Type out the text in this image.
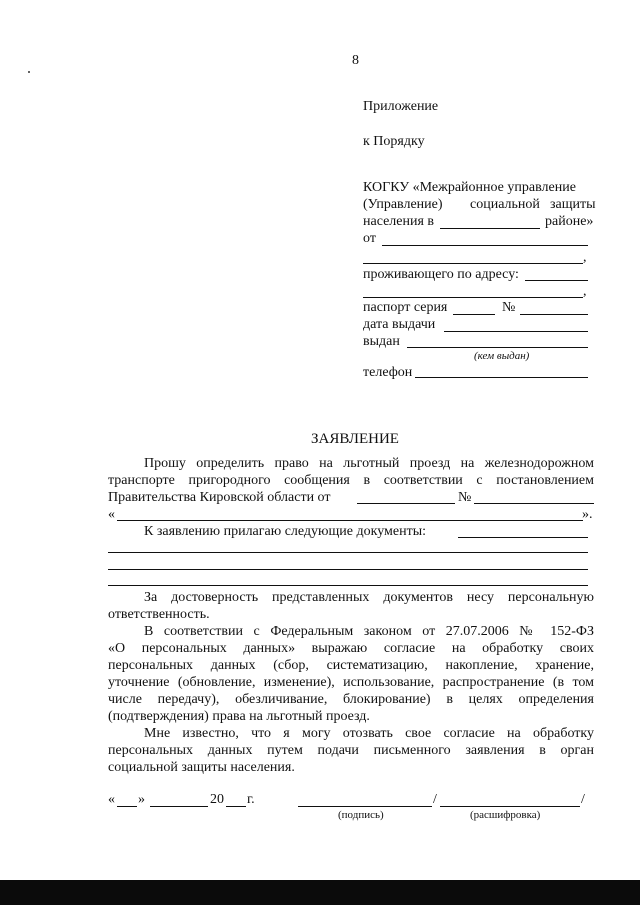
8
Приложение
к Порядку
КОГКУ «Межрайонное управление
(Управление) социальной защиты
населения в	районе»
от
,
проживающего по адресу:
,
паспорт серия	№
дата выдачи
выдан
(кем выдан)
телефон
ЗАЯВЛЕНИЕ
Прошу определить право на льготный проезд на железнодорожном
транспорте пригородного сообщения в соответствии с постановлением
Правительства Кировской области от	№
«	».
К заявлению прилагаю следующие документы:
За достоверность представленных документов несу персональную
ответственность.
В соответствии с Федеральным законом от 27.07.2006 № 152-ФЗ
«О персональных данных» выражаю согласие на обработку своих
персональных данных (сбор, систематизацию, накопление, хранение,
уточнение (обновление, изменение), использование, распространение (в том
числе передачу), обезличивание, блокирование) в целях определения
(подтверждения) права на льготный проезд.
Мне известно, что я могу отозвать свое согласие на обработку
персональных данных путем подачи письменного заявления в орган
социальной защиты населения.
« »	20 г.	/	/
(подпись)	(расшифровка)
